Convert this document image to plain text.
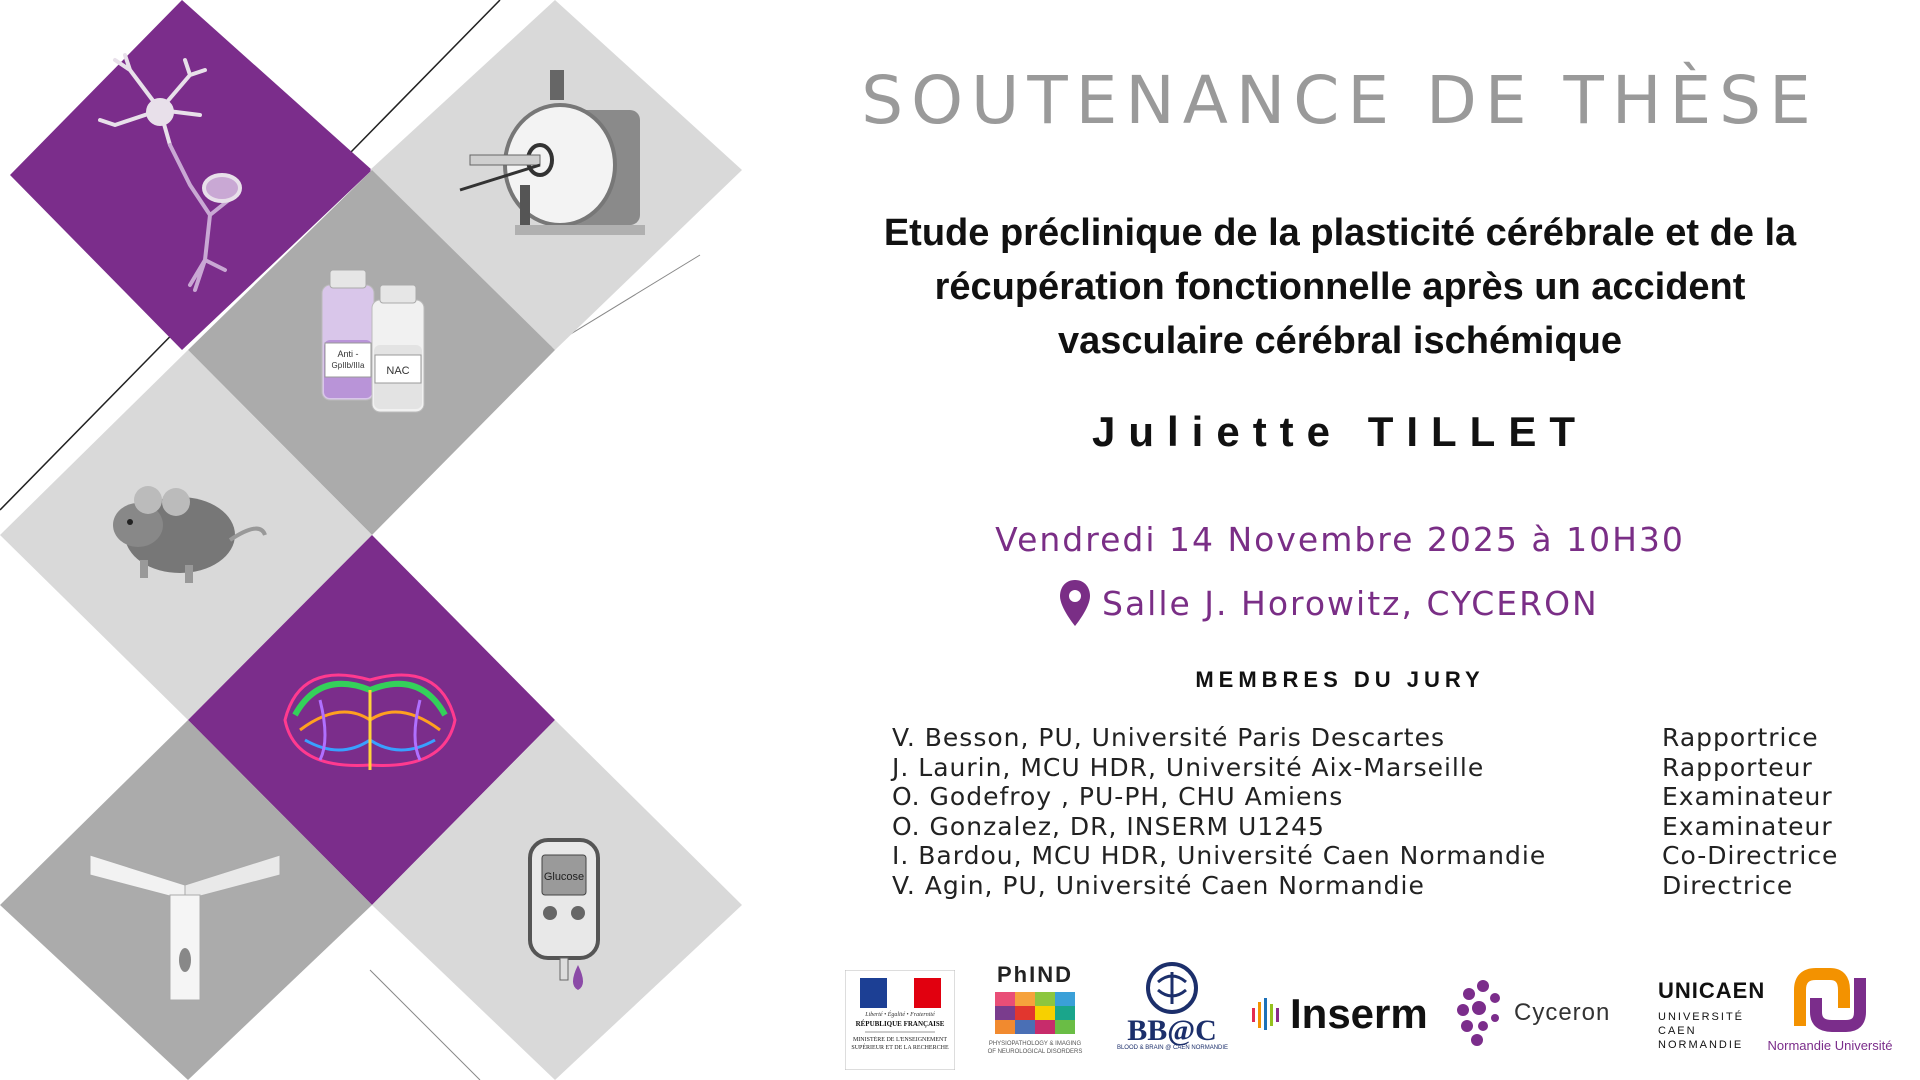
Anti -
GpIIb/IIIa NAC
Glucose
SOUTENANCE DE THÈSE
Etude préclinique de la plasticité cérébrale et de la
récupération fonctionnelle après un accident
vasculaire cérébral ischémique
Juliette TILLET
Vendredi 14 Novembre 2025 à 10H30
Salle J. Horowitz, CYCERON
MEMBRES DU JURY
V. Besson, PU, Université Paris Descartes	Rapportrice
J. Laurin, MCU HDR, Université Aix-Marseille	Rapporteur
O. Godefroy , PU-PH, CHU Amiens	Examinateur
O. Gonzalez, DR, INSERM U1245	Examinateur
I. Bardou, MCU HDR, Université Caen Normandie	Co-Directrice
V. Agin, PU, Université Caen Normandie	Directrice
Liberté • Égalité • Fraternité
RÉPUBLIQUE FRANÇAISE
MINISTÈRE DE L'ENSEIGNEMENT SUPÉRIEUR ET DE LA RECHERCHE
PhIND
PHYSIOPATHOLOGY & IMAGING OF NEUROLOGICAL DISORDERS
BB@C
BLOOD & BRAIN @ CAEN NORMANDIE
Inserm	Cyceron
UNICAEN
UNIVERSITÉ
CAEN
NORMANDIE	Normandie Université
